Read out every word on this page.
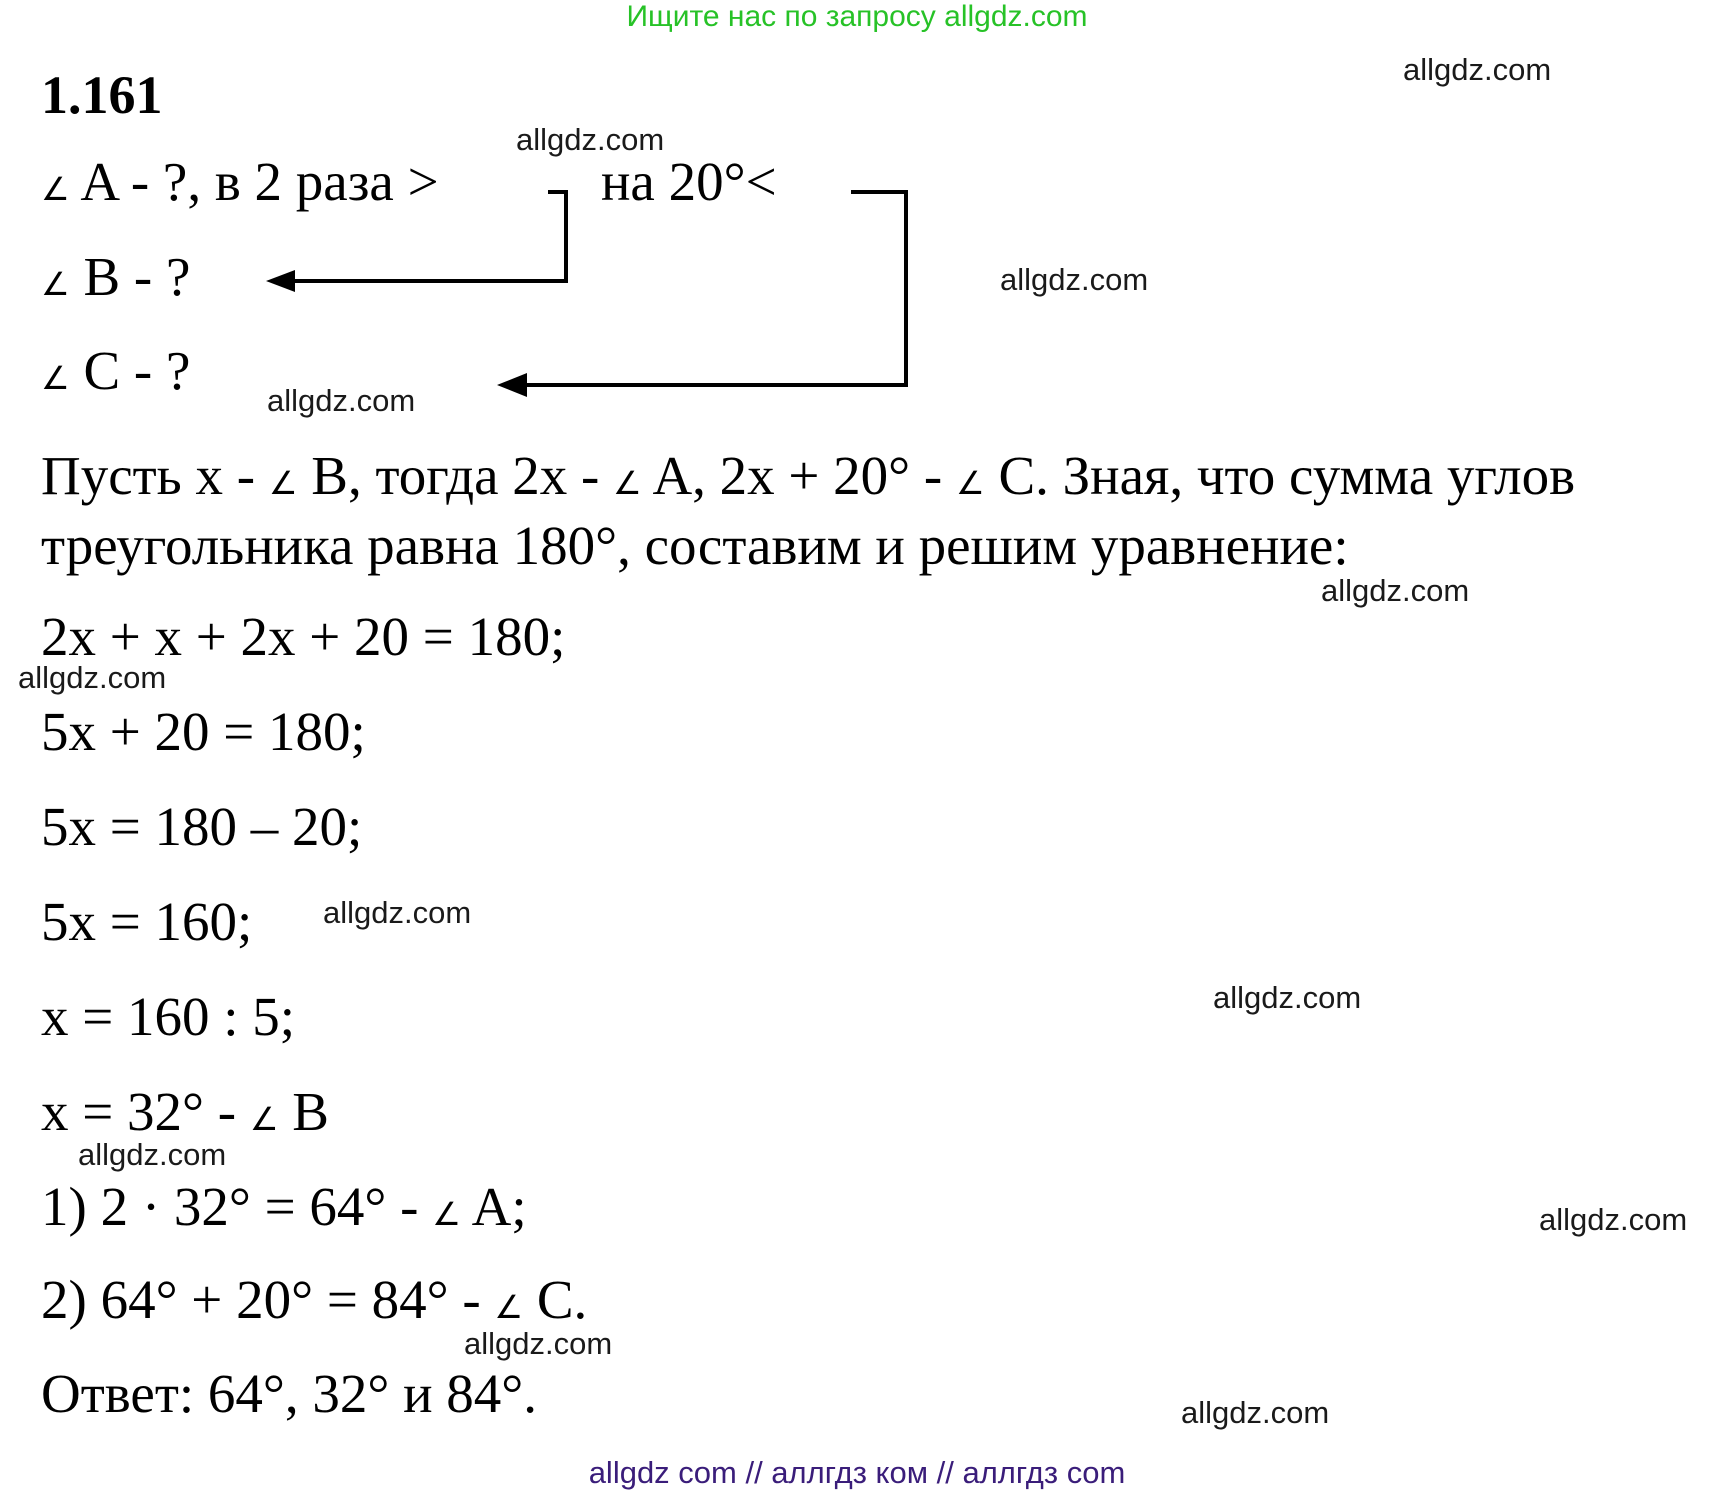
Ищите нас по запросу allgdz.com
1.161
∠ A - ?, в 2 раза >	на 20°<
∠ B - ?
∠ C - ?
Пусть x - ∠ B, тогда 2x - ∠ A, 2x + 20° - ∠ C. Зная, что сумма углов
треугольника равна 180°, составим и решим уравнение:
2x + x + 2x + 20 = 180;
5x + 20 = 180;
5x = 180 – 20;
5x = 160;
x = 160 : 5;
x = 32° - ∠ B
1) 2 · 32° = 64° - ∠ A;
2) 64° + 20° = 84° - ∠ C.
Ответ: 64°, 32° и 84°.
allgdz.com
allgdz.com
allgdz.com
allgdz.com
allgdz.com
allgdz.com
allgdz.com
allgdz.com
allgdz.com
allgdz.com
allgdz.com
allgdz.com
allgdz com // аллгдз ком // аллгдз com
